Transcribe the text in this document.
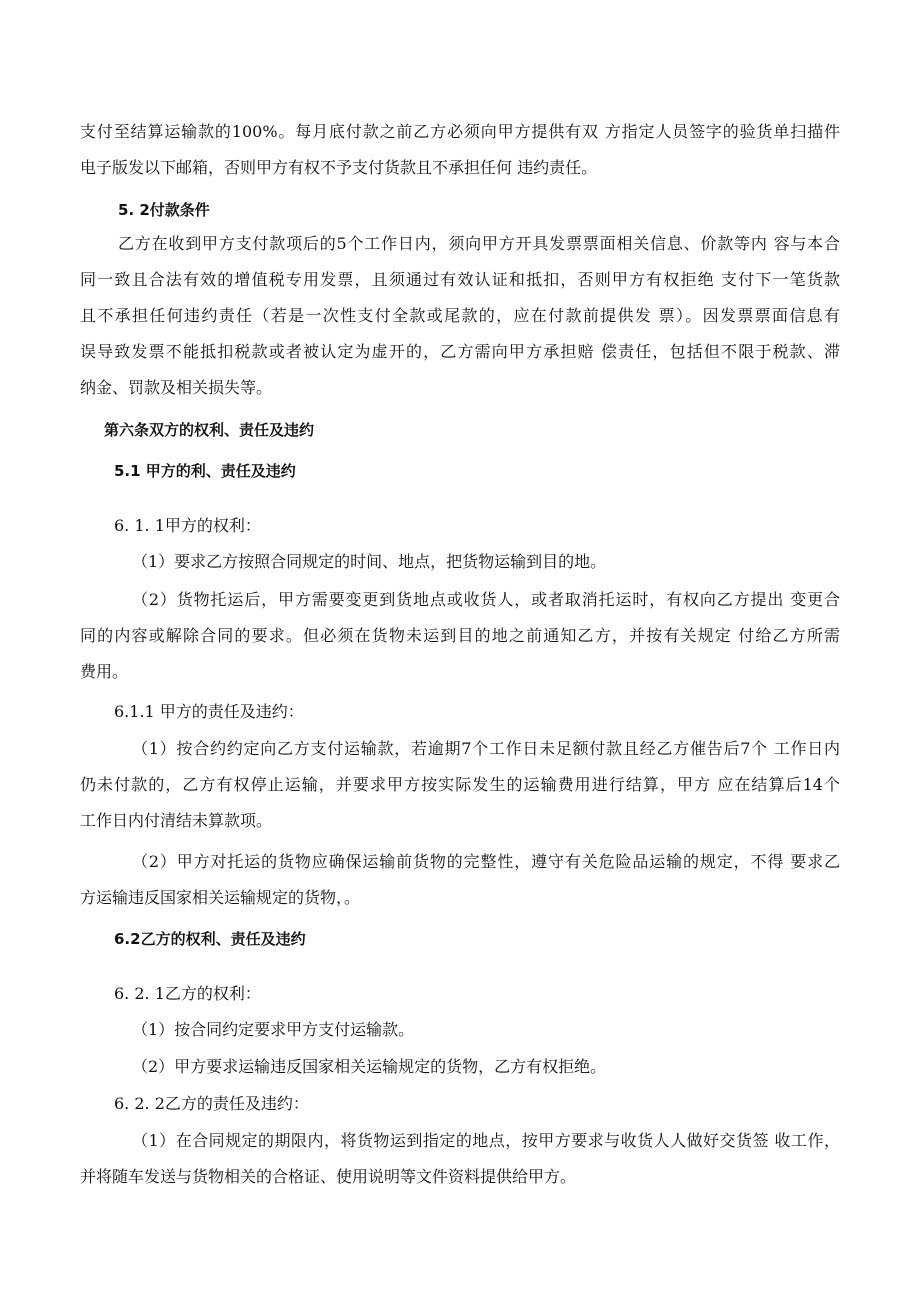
支付至结算运输款的100%。每月底付款之前乙方必须向甲方提供有双 方指定人员签字的验货单扫描件
电子版发以下邮箱，否则甲方有权不予支付货款且不承担任何 违约责任。
5. 2付款条件
乙方在收到甲方支付款项后的5个工作日内，须向甲方开具发票票面相关信息、价款等内 容与本合
同一致且合法有效的增值税专用发票，且须通过有效认证和抵扣，否则甲方有权拒绝 支付下一笔货款
且不承担任何违约责任（若是一次性支付全款或尾款的，应在付款前提供发 票）。因发票票面信息有
误导致发票不能抵扣税款或者被认定为虚开的，乙方需向甲方承担赔 偿责任，包括但不限于税款、滞
纳金、罚款及相关损失等。
第六条双方的权利、责任及违约
5.1 甲方的利、责任及违约
6. 1. 1甲方的权利：
（1）要求乙方按照合同规定的时间、地点，把货物运输到目的地。
（2）货物托运后，甲方需要变更到货地点或收货人，或者取消托运时，有权向乙方提出 变更合
同的内容或解除合同的要求。但必须在货物未运到目的地之前通知乙方，并按有关规定 付给乙方所需
费用。
6.1.1 甲方的责任及违约：
（1）按合约约定向乙方支付运输款，若逾期7个工作日未足额付款且经乙方催告后7个 工作日内
仍未付款的，乙方有权停止运输，并要求甲方按实际发生的运输费用进行结算，甲方 应在结算后14个
工作日内付清结未算款项。
（2）甲方对托运的货物应确保运输前货物的完整性，遵守有关危险品运输的规定，不得 要求乙
方运输违反国家相关运输规定的货物，。
6.2乙方的权利、责任及违约
6. 2. 1乙方的权利：
（1）按合同约定要求甲方支付运输款。
（2）甲方要求运输违反国家相关运输规定的货物，乙方有权拒绝。
6. 2. 2乙方的责任及违约：
（1）在合同规定的期限内，将货物运到指定的地点，按甲方要求与收货人人做好交货签 收工作，
并将随车发送与货物相关的合格证、使用说明等文件资料提供给甲方。
